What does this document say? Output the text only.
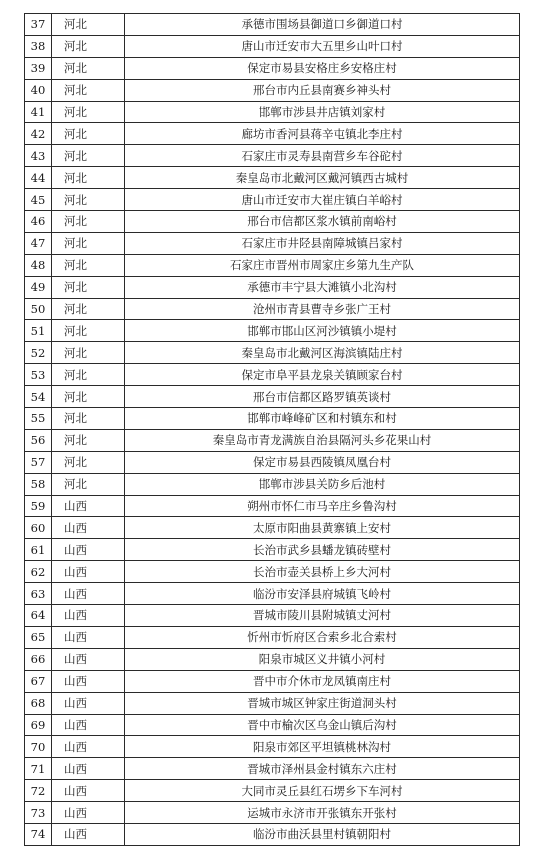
37	河北	承德市围场县御道口乡御道口村
38	河北	唐山市迁安市大五里乡山叶口村
39	河北	保定市易县安格庄乡安格庄村
40	河北	邢台市内丘县南赛乡神头村
41	河北	邯郸市涉县井店镇刘家村
42	河北	廊坊市香河县蒋辛屯镇北李庄村
43	河北	石家庄市灵寿县南营乡车谷砣村
44	河北	秦皇岛市北戴河区戴河镇西古城村
45	河北	唐山市迁安市大崔庄镇白羊峪村
46	河北	邢台市信都区浆水镇前南峪村
47	河北	石家庄市井陉县南障城镇吕家村
48	河北	石家庄市晋州市周家庄乡第九生产队
49	河北	承德市丰宁县大滩镇小北沟村
50	河北	沧州市青县曹寺乡张广王村
51	河北	邯郸市邯山区河沙镇镇小堤村
52	河北	秦皇岛市北戴河区海滨镇陆庄村
53	河北	保定市阜平县龙泉关镇顾家台村
54	河北	邢台市信都区路罗镇英谈村
55	河北	邯郸市峰峰矿区和村镇东和村
56	河北	秦皇岛市青龙满族自治县隔河头乡花果山村
57	河北	保定市易县西陵镇凤凰台村
58	河北	邯郸市涉县关防乡后池村
59	山西	朔州市怀仁市马辛庄乡鲁沟村
60	山西	太原市阳曲县黄寨镇上安村
61	山西	长治市武乡县蟠龙镇砖壁村
62	山西	长治市壶关县桥上乡大河村
63	山西	临汾市安泽县府城镇飞岭村
64	山西	晋城市陵川县附城镇丈河村
65	山西	忻州市忻府区合索乡北合索村
66	山西	阳泉市城区义井镇小河村
67	山西	晋中市介休市龙凤镇南庄村
68	山西	晋城市城区钟家庄街道洞头村
69	山西	晋中市榆次区乌金山镇后沟村
70	山西	阳泉市郊区平坦镇桃林沟村
71	山西	晋城市泽州县金村镇东六庄村
72	山西	大同市灵丘县红石塄乡下车河村
73	山西	运城市永济市开张镇东开张村
74	山西	临汾市曲沃县里村镇朝阳村
